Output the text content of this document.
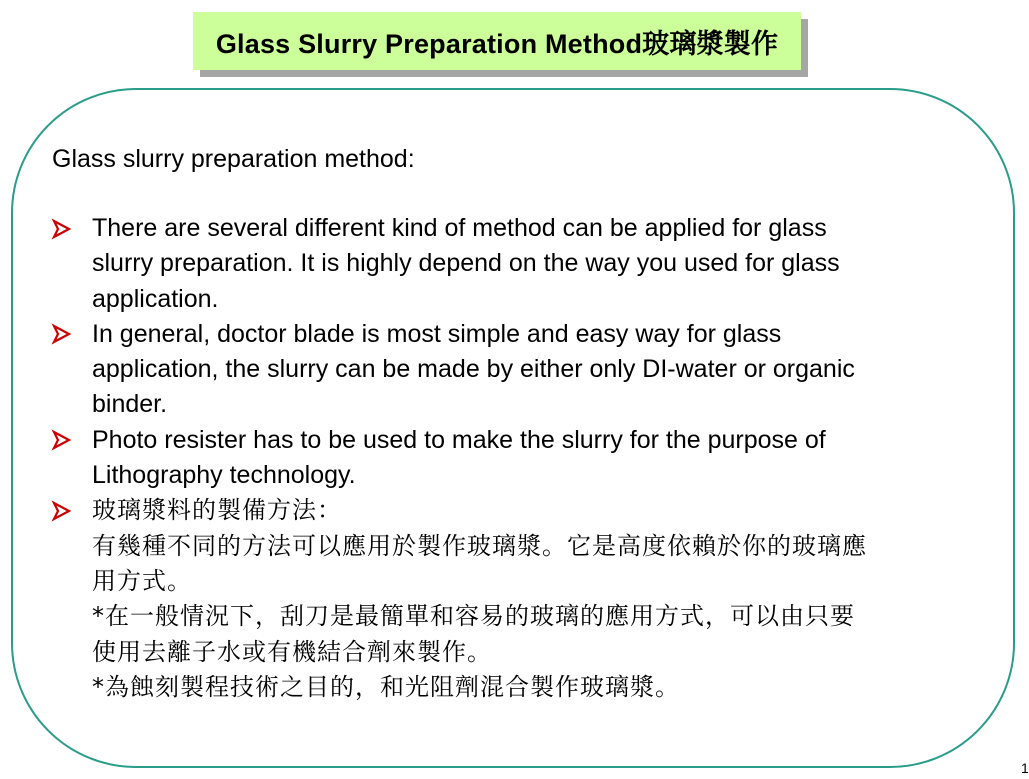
Glass Slurry Preparation Method玻璃漿製作
Glass slurry preparation method:
There are several different kind of method can be applied for glass
slurry preparation. It is highly depend on the way you used for glass
application.
In general, doctor blade is most simple and easy way for glass
application, the slurry can be made by either only DI-water or organic
binder.
Photo resister has to be used to make the slurry for the purpose of
Lithography technology.
玻璃漿料的製備方法：
有幾種不同的方法可以應用於製作玻璃漿。它是高度依賴於你的玻璃應
用方式。
*在一般情況下，刮刀是最簡單和容易的玻璃的應用方式，可以由只要
使用去離子水或有機結合劑來製作。
*為蝕刻製程技術之目的，和光阻劑混合製作玻璃漿。
1
